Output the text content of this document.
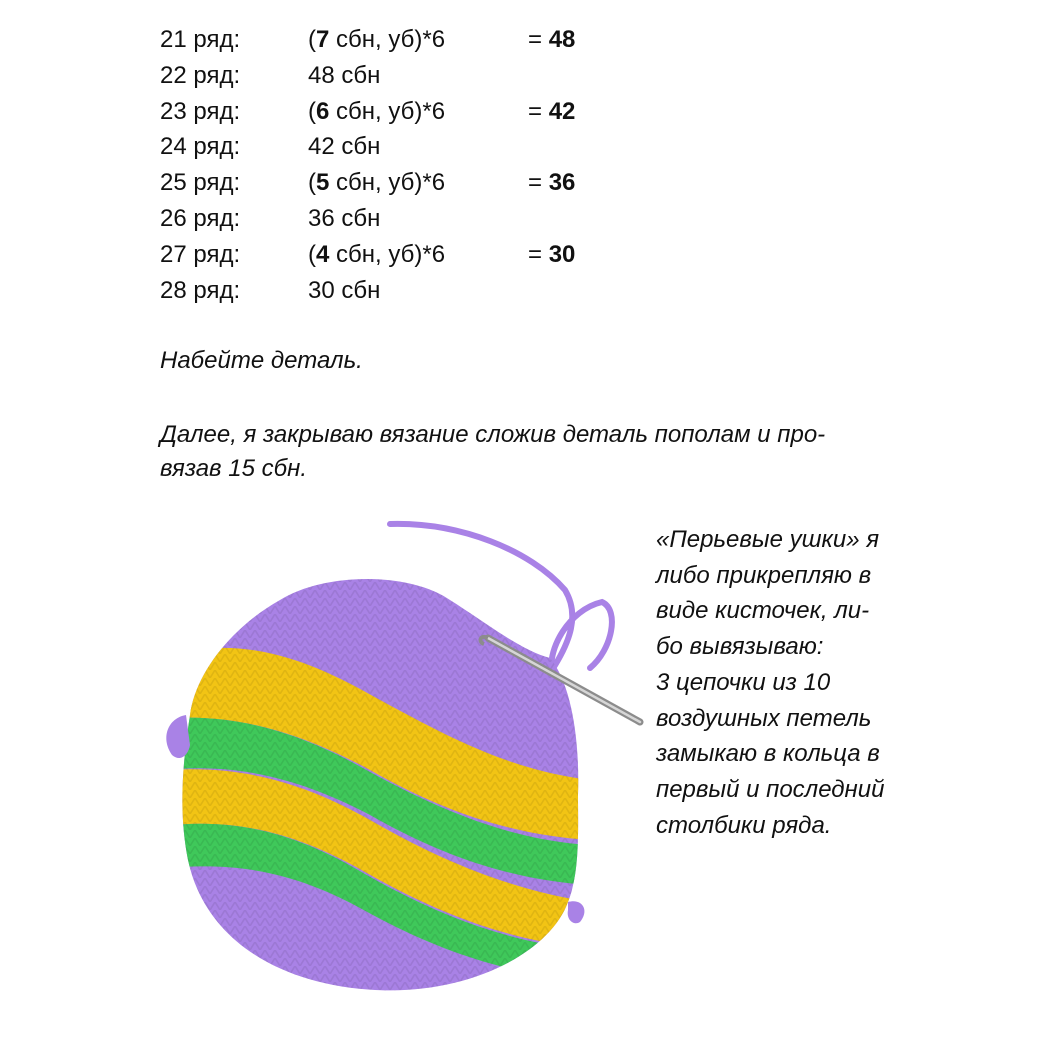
21 ряд:	(7 сбн, уб)*6	= 48
22 ряд:	48 сбн
23 ряд:	(6 сбн, уб)*6	= 42
24 ряд:	42 сбн
25 ряд:	(5 сбн, уб)*6	= 36
26 ряд:	36 сбн
27 ряд:	(4 сбн, уб)*6	= 30
28 ряд:	30 сбн
Набейте деталь.
Далее, я закрываю вязание сложив деталь пополам и про-
вязав 15 сбн.
«Перьевые ушки» я
либо прикрепляю в
виде кисточек, ли-
бо вывязываю:
3 цепочки из 10
воздушных петель
замыкаю в кольца в
первый и последний
столбики ряда.
